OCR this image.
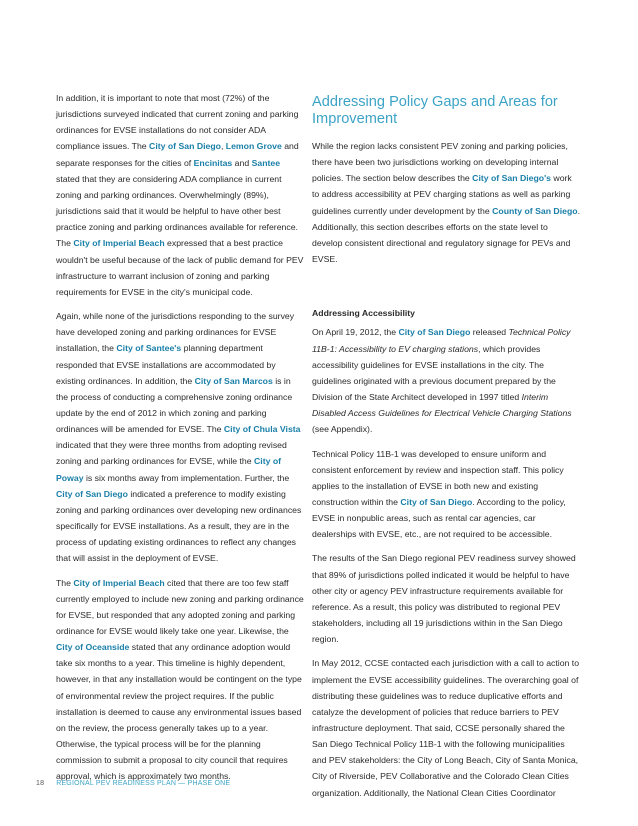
In addition, it is important to note that most (72%) of the jurisdictions surveyed indicated that current zoning and parking ordinances for EVSE installations do not consider ADA compliance issues. The City of San Diego, Lemon Grove and separate responses for the cities of Encinitas and Santee stated that they are considering ADA compliance in current zoning and parking ordinances. Overwhelmingly (89%), jurisdictions said that it would be helpful to have other best practice zoning and parking ordinances available for reference. The City of Imperial Beach expressed that a best practice wouldn't be useful because of the lack of public demand for PEV infrastructure to warrant inclusion of zoning and parking requirements for EVSE in the city's municipal code.

Again, while none of the jurisdictions responding to the survey have developed zoning and parking ordinances for EVSE installation, the City of Santee's planning department responded that EVSE installations are accommodated by existing ordinances. In addition, the City of San Marcos is in the process of conducting a comprehensive zoning ordinance update by the end of 2012 in which zoning and parking ordinances will be amended for EVSE. The City of Chula Vista indicated that they were three months from adopting revised zoning and parking ordinances for EVSE, while the City of Poway is six months away from implementation. Further, the City of San Diego indicated a preference to modify existing zoning and parking ordinances over developing new ordinances specifically for EVSE installations. As a result, they are in the process of updating existing ordinances to reflect any changes that will assist in the deployment of EVSE.

The City of Imperial Beach cited that there are too few staff currently employed to include new zoning and parking ordinance for EVSE, but responded that any adopted zoning and parking ordinance for EVSE would likely take one year. Likewise, the City of Oceanside stated that any ordinance adoption would take six months to a year. This timeline is highly dependent, however, in that any installation would be contingent on the type of environmental review the project requires. If the public installation is deemed to cause any environmental issues based on the review, the process generally takes up to a year. Otherwise, the typical process will be for the planning commission to submit a proposal to city council that requires approval, which is approximately two months.

Addressing Policy Gaps and Areas for Improvement

While the region lacks consistent PEV zoning and parking policies, there have been two jurisdictions working on developing internal policies. The section below describes the City of San Diego's work to address accessibility at PEV charging stations as well as parking guidelines currently under development by the County of San Diego. Additionally, this section describes efforts on the state level to develop consistent directional and regulatory signage for PEVs and EVSE.

Addressing Accessibility

On April 19, 2012, the City of San Diego released Technical Policy 11B-1: Accessibility to EV charging stations, which provides accessibility guidelines for EVSE installations in the city. The guidelines originated with a previous document prepared by the Division of the State Architect developed in 1997 titled Interim Disabled Access Guidelines for Electrical Vehicle Charging Stations (see Appendix).

Technical Policy 11B-1 was developed to ensure uniform and consistent enforcement by review and inspection staff. This policy applies to the installation of EVSE in both new and existing construction within the City of San Diego. According to the policy, EVSE in nonpublic areas, such as rental car agencies, car dealerships with EVSE, etc., are not required to be accessible.

The results of the San Diego regional PEV readiness survey showed that 89% of jurisdictions polled indicated it would be helpful to have other city or agency PEV infrastructure requirements available for reference. As a result, this policy was distributed to regional PEV stakeholders, including all 19 jurisdictions within in the San Diego region.

In May 2012, CCSE contacted each jurisdiction with a call to action to implement the EVSE accessibility guidelines. The overarching goal of distributing these guidelines was to reduce duplicative efforts and catalyze the development of policies that reduce barriers to PEV infrastructure deployment. That said, CCSE personally shared the San Diego Technical Policy 11B-1 with the following municipalities and PEV stakeholders: the City of Long Beach, City of Santa Monica, City of Riverside, PEV Collaborative and the Colorado Clean Cities organization. Additionally, the National Clean Cities Coordinator

18 REGIONAL PEV READINESS PLAN — PHASE ONE
